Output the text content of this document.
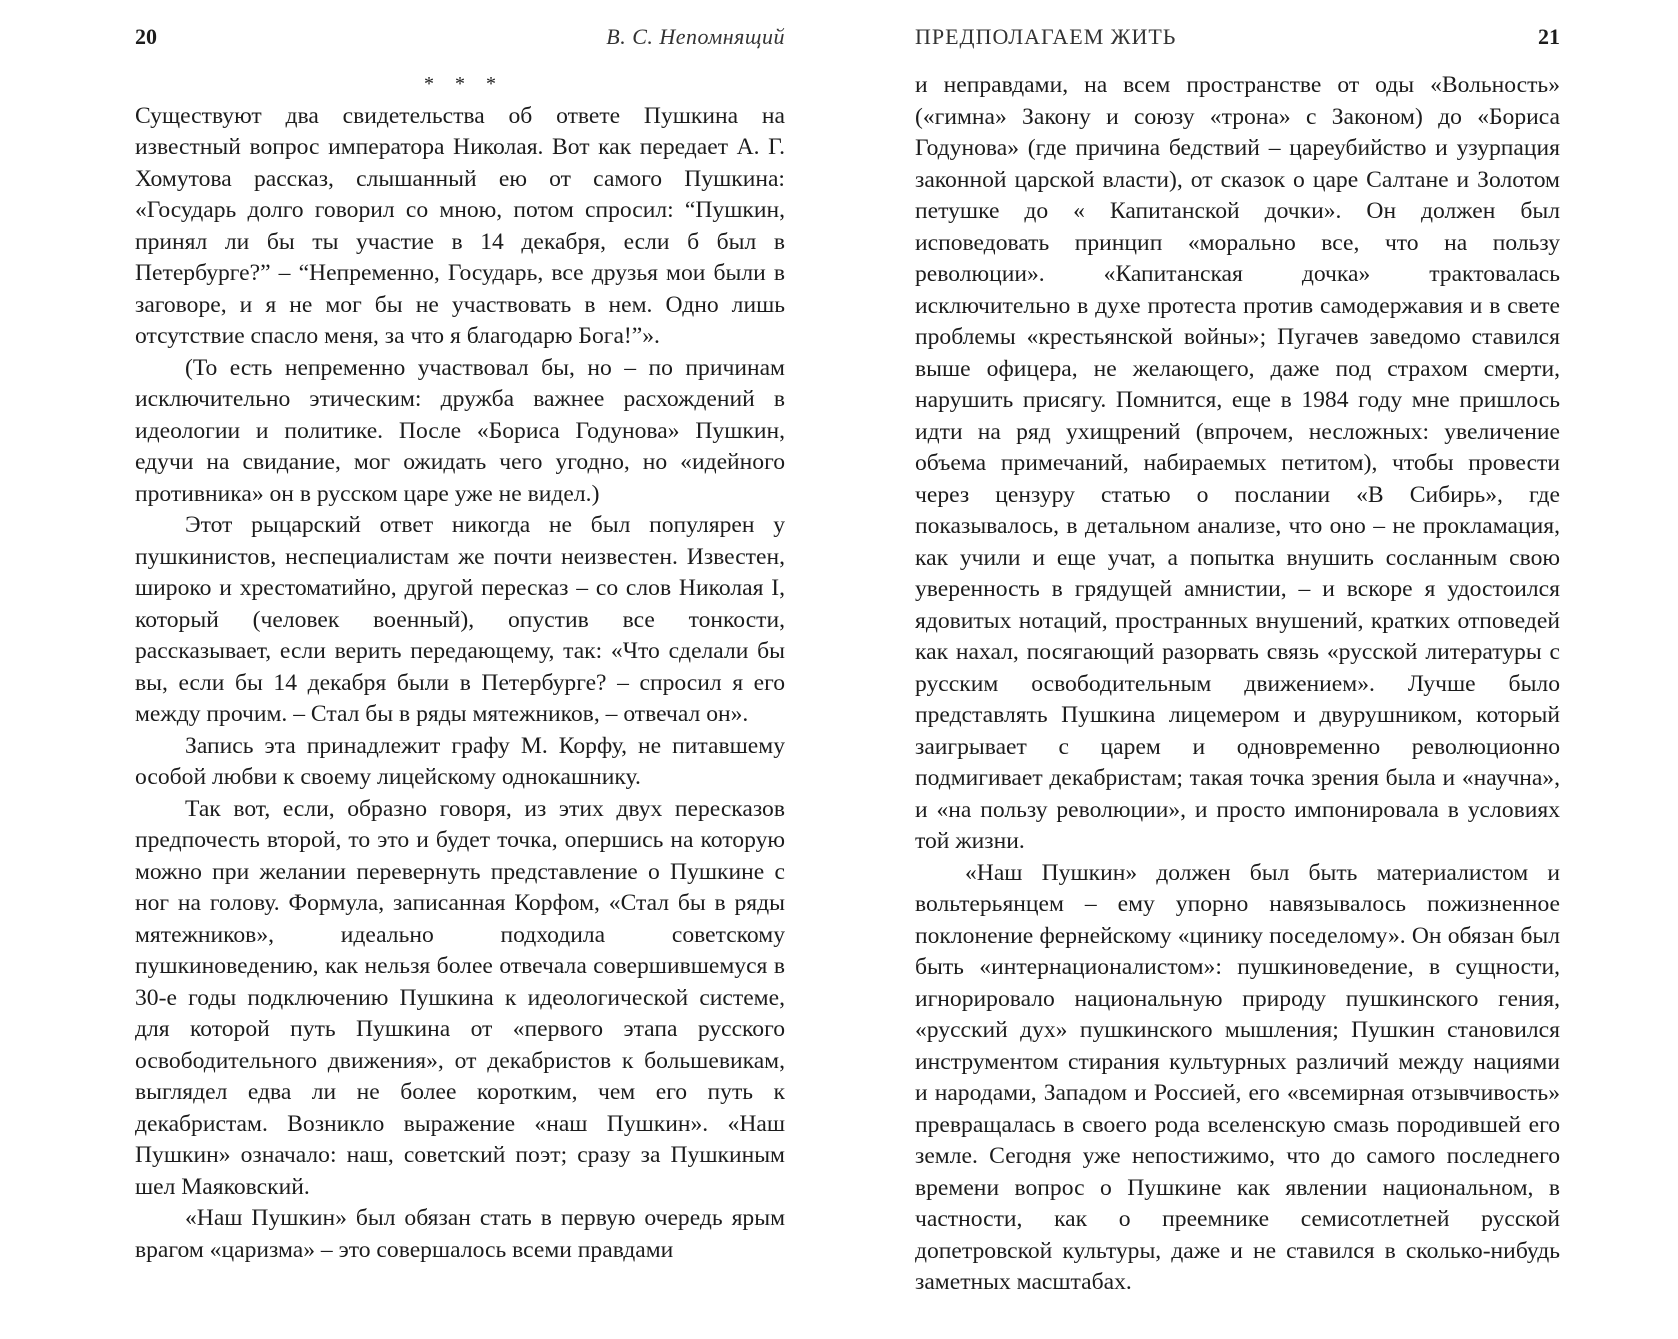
20	В. С. Непомнящий
* * *

Существуют два свидетельства об ответе Пушкина на известный вопрос императора Николая. Вот как передает А. Г. Хомутова рассказ, слышанный ею от самого Пушкина: «Государь долго говорил со мною, потом спросил: “Пушкин, принял ли бы ты участие в 14 декабря, если б был в Петербурге?” – “Непременно, Государь, все друзья мои были в заговоре, и я не мог бы не участвовать в нем. Одно лишь отсутствие спасло меня, за что я благодарю Бога!”».

(То есть непременно участвовал бы, но – по причинам исключительно этическим: дружба важнее расхождений в идеологии и политике. После «Бориса Годунова» Пушкин, едучи на свидание, мог ожидать чего угодно, но «идейного противника» он в русском царе уже не видел.)

Этот рыцарский ответ никогда не был популярен у пушкинистов, неспециалистам же почти неизвестен. Известен, широко и хрестоматийно, другой пересказ – со слов Николая I, который (человек военный), опустив все тонкости, рассказывает, если верить передающему, так: «Что сделали бы вы, если бы 14 декабря были в Петербурге? – спросил я его между прочим. – Стал бы в ряды мятежников, – отвечал он».

Запись эта принадлежит графу М. Корфу, не питавшему особой любви к своему лицейскому однокашнику.

Так вот, если, образно говоря, из этих двух пересказов предпочесть второй, то это и будет точка, опершись на которую можно при желании перевернуть представление о Пушкине с ног на голову. Формула, записанная Корфом, «Стал бы в ряды мятежников», идеально подходила советскому пушкиноведению, как нельзя более отвечала совершившемуся в 30-е годы подключению Пушкина к идеологической системе, для которой путь Пушкина от «первого этапа русского освободительного движения», от декабристов к большевикам, выглядел едва ли не более коротким, чем его путь к декабристам. Возникло выражение «наш Пушкин». «Наш Пушкин» означало: наш, советский поэт; сразу за Пушкиным шел Маяковский.

«Наш Пушкин» был обязан стать в первую очередь ярым врагом «царизма» – это совершалось всеми правдами

ПРЕДПОЛАГАЕМ ЖИТЬ	21

и неправдами, на всем пространстве от оды «Вольность» («гимна» Закону и союзу «трона» с Законом) до «Бориса Годунова» (где причина бедствий – цареубийство и узурпация законной царской власти), от сказок о царе Салтане и Золотом петушке до « Капитанской дочки». Он должен был исповедовать принцип «морально все, что на пользу революции». «Капитанская дочка» трактовалась исключительно в духе протеста против самодержавия и в свете проблемы «крестьянской войны»; Пугачев заведомо ставился выше офицера, не желающего, даже под страхом смерти, нарушить присягу. Помнится, еще в 1984 году мне пришлось идти на ряд ухищрений (впрочем, несложных: увеличение объема примечаний, набираемых петитом), чтобы провести через цензуру статью о послании «В Сибирь», где показывалось, в детальном анализе, что оно – не прокламация, как учили и еще учат, а попытка внушить сосланным свою уверенность в грядущей амнистии, – и вскоре я удостоился ядовитых нотаций, пространных внушений, кратких отповедей как нахал, посягающий разорвать связь «русской литературы с русским освободительным движением». Лучше было представлять Пушкина лицемером и двурушником, который заигрывает с царем и одновременно революционно подмигивает декабристам; такая точка зрения была и «научна», и «на пользу революции», и просто импонировала в условиях той жизни.

«Наш Пушкин» должен был быть материалистом и вольтерьянцем – ему упорно навязывалось пожизненное поклонение фернейскому «цинику поседелому». Он обязан был быть «интернационалистом»: пушкиноведение, в сущности, игнорировало национальную природу пушкинского гения, «русский дух» пушкинского мышления; Пушкин становился инструментом стирания культурных различий между нациями и народами, Западом и Россией, его «всемирная отзывчивость» превращалась в своего рода вселенскую смазь породившей его земле. Сегодня уже непостижимо, что до самого последнего времени вопрос о Пушкине как явлении национальном, в частности, как о преемнике семисотлетней русской допетровской культуры, даже и не ставился в сколько-нибудь заметных масштабах.
